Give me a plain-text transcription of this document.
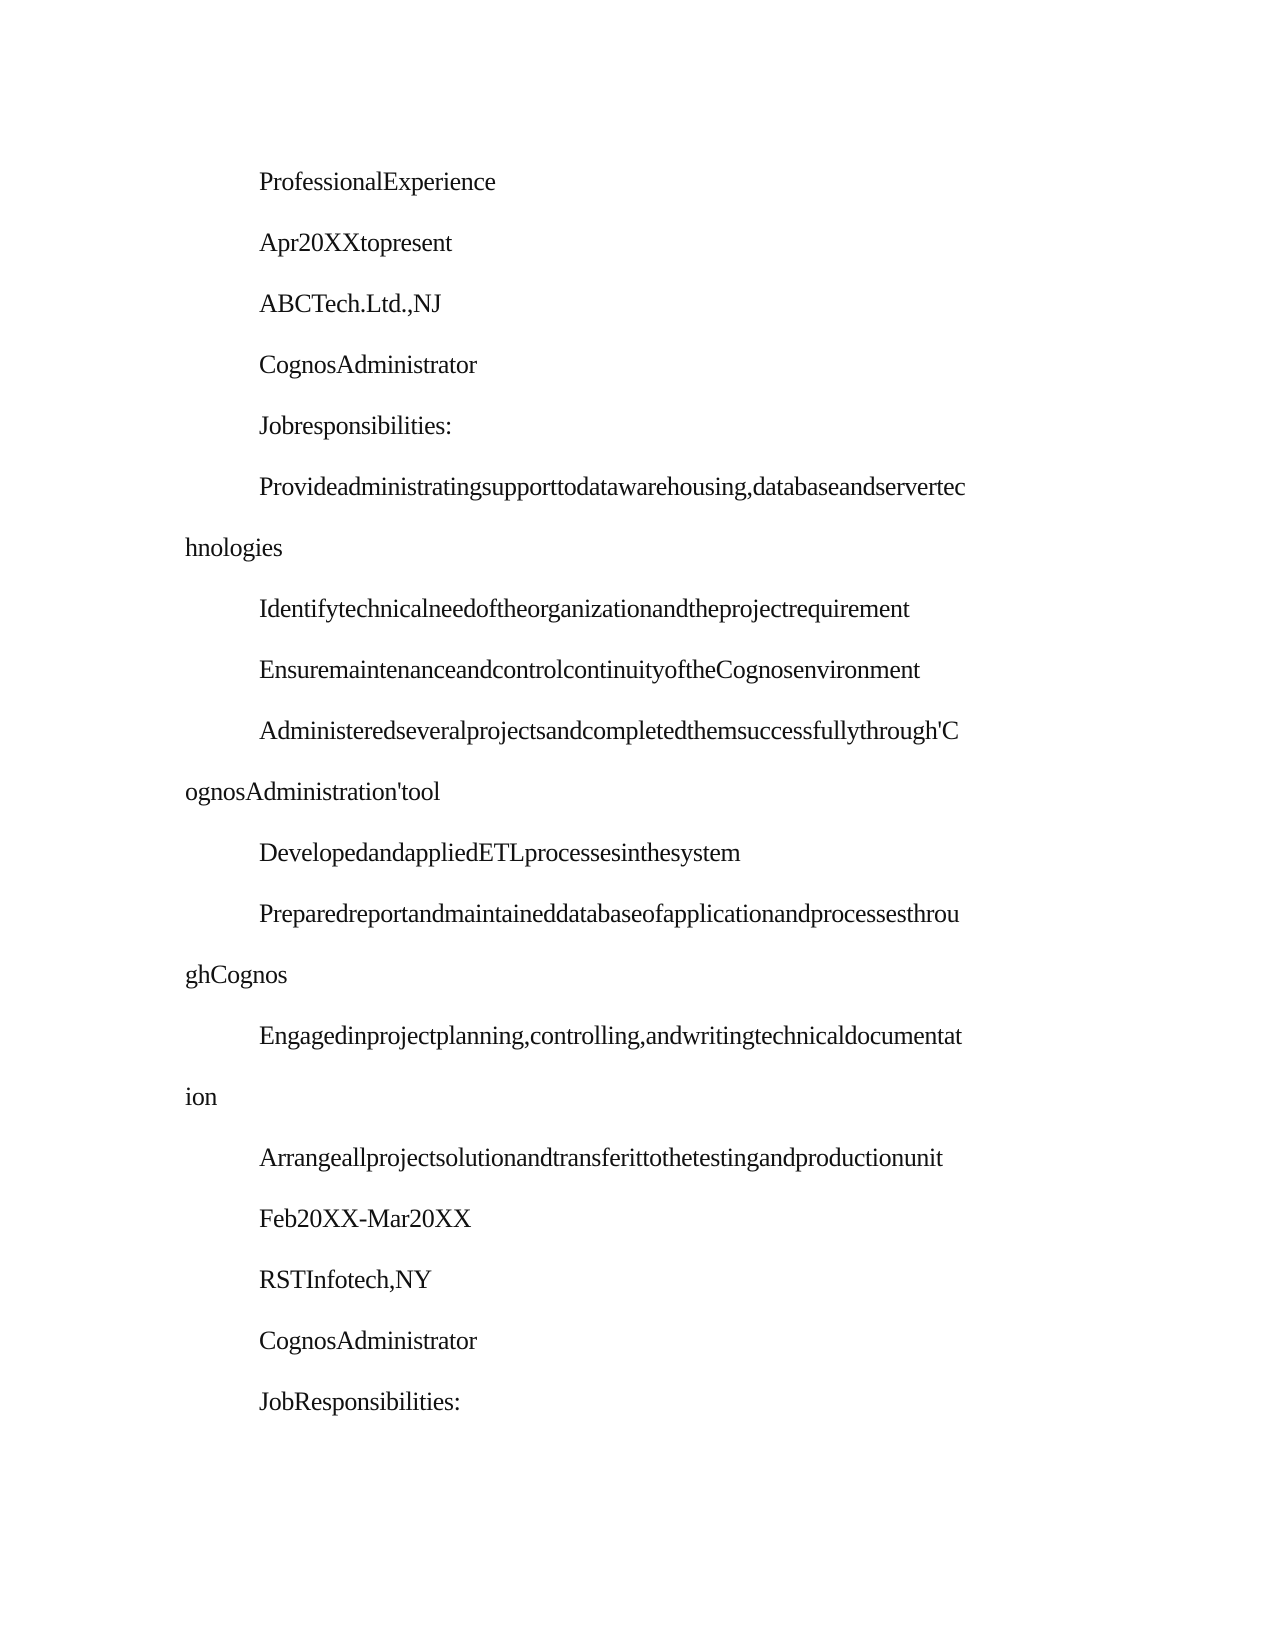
ProfessionalExperience
Apr20XXtopresent
ABCTech.Ltd.,NJ
CognosAdministrator
Jobresponsibilities:
Provideadministratingsupporttodatawarehousing,databaseandservertec
hnologies
Identifytechnicalneedoftheorganizationandtheprojectrequirement
EnsuremaintenanceandcontrolcontinuityoftheCognosenvironment
Administeredseveralprojectsandcompletedthemsuccessfullythrough'C
ognosAdministration'tool
DevelopedandappliedETLprocessesinthesystem
Preparedreportandmaintaineddatabaseofapplicationandprocessesthrou
ghCognos
Engagedinprojectplanning,controlling,andwritingtechnicaldocumentat
ion
Arrangeallprojectsolutionandtransferittothetestingandproductionunit
Feb20XX-Mar20XX
RSTInfotech,NY
CognosAdministrator
JobResponsibilities:
